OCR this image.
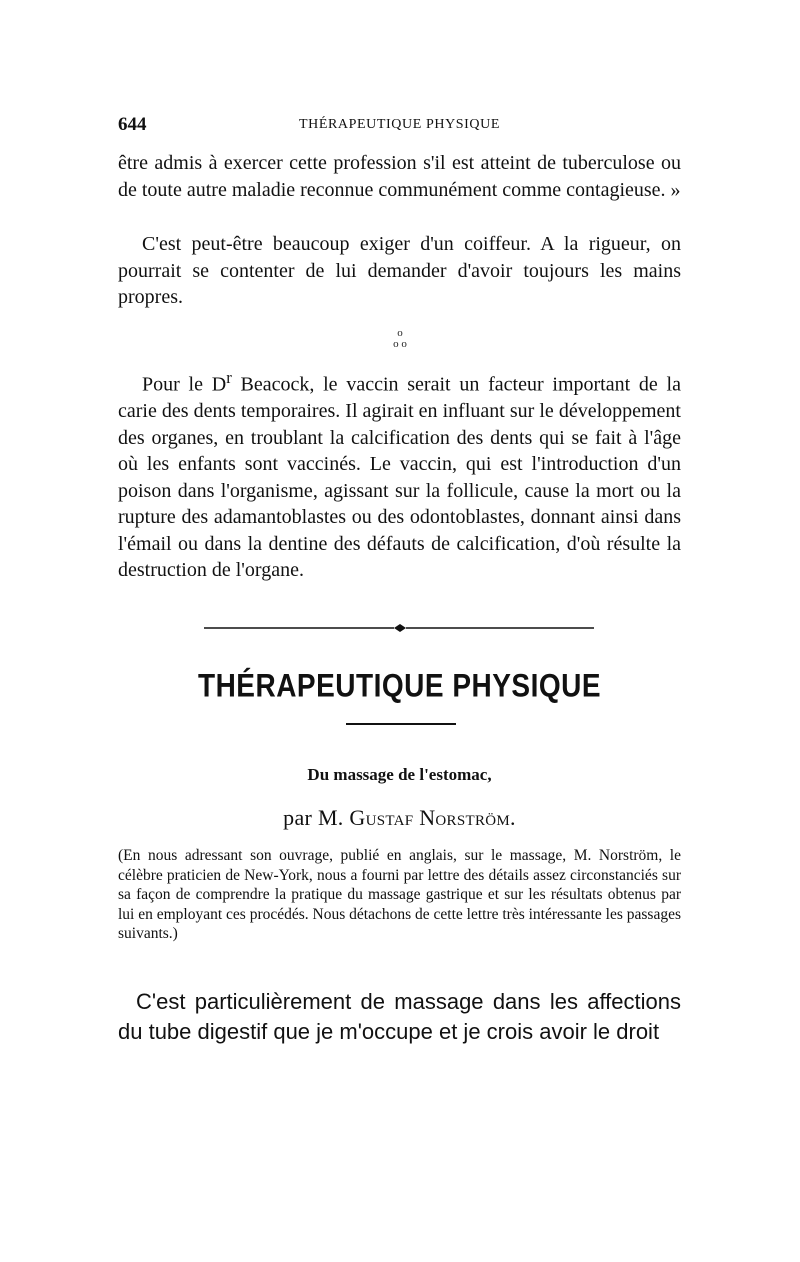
644	THÉRAPEUTIQUE PHYSIQUE

être admis à exercer cette profession s'il est atteint de tuberculose ou de toute autre maladie reconnue communément comme contagieuse. »

C'est peut-être beaucoup exiger d'un coiffeur. A la rigueur, on pourrait se contenter de lui demander d'avoir toujours les mains propres.

o
o o

Pour le $D^r$ Beacock, le vaccin serait un facteur important de la carie des dents temporaires. Il agirait en influant sur le développement des organes, en troublant la calcification des dents qui se fait à l'âge où les enfants sont vaccinés. Le vaccin, qui est l'introduction d'un poison dans l'organisme, agissant sur la follicule, cause la mort ou la rupture des adamantoblastes ou des odontoblastes, donnant ainsi dans l'émail ou dans la dentine des défauts de calcification, d'où résulte la destruction de l'organe.

THÉRAPEUTIQUE PHYSIQUE
Du massage de l'estomac,
par M. Gustaf Norström.

(En nous adressant son ouvrage, publié en anglais, sur le massage, M. Norström, le célèbre praticien de New-York, nous a fourni par lettre des détails assez circonstanciés sur sa façon de comprendre la pratique du massage gastrique et sur les résultats obtenus par lui en employant ces procédés. Nous détachons de cette lettre très intéressante les passages suivants.)

C'est particulièrement de massage dans les affections du tube digestif que je m'occupe et je crois avoir le droit
